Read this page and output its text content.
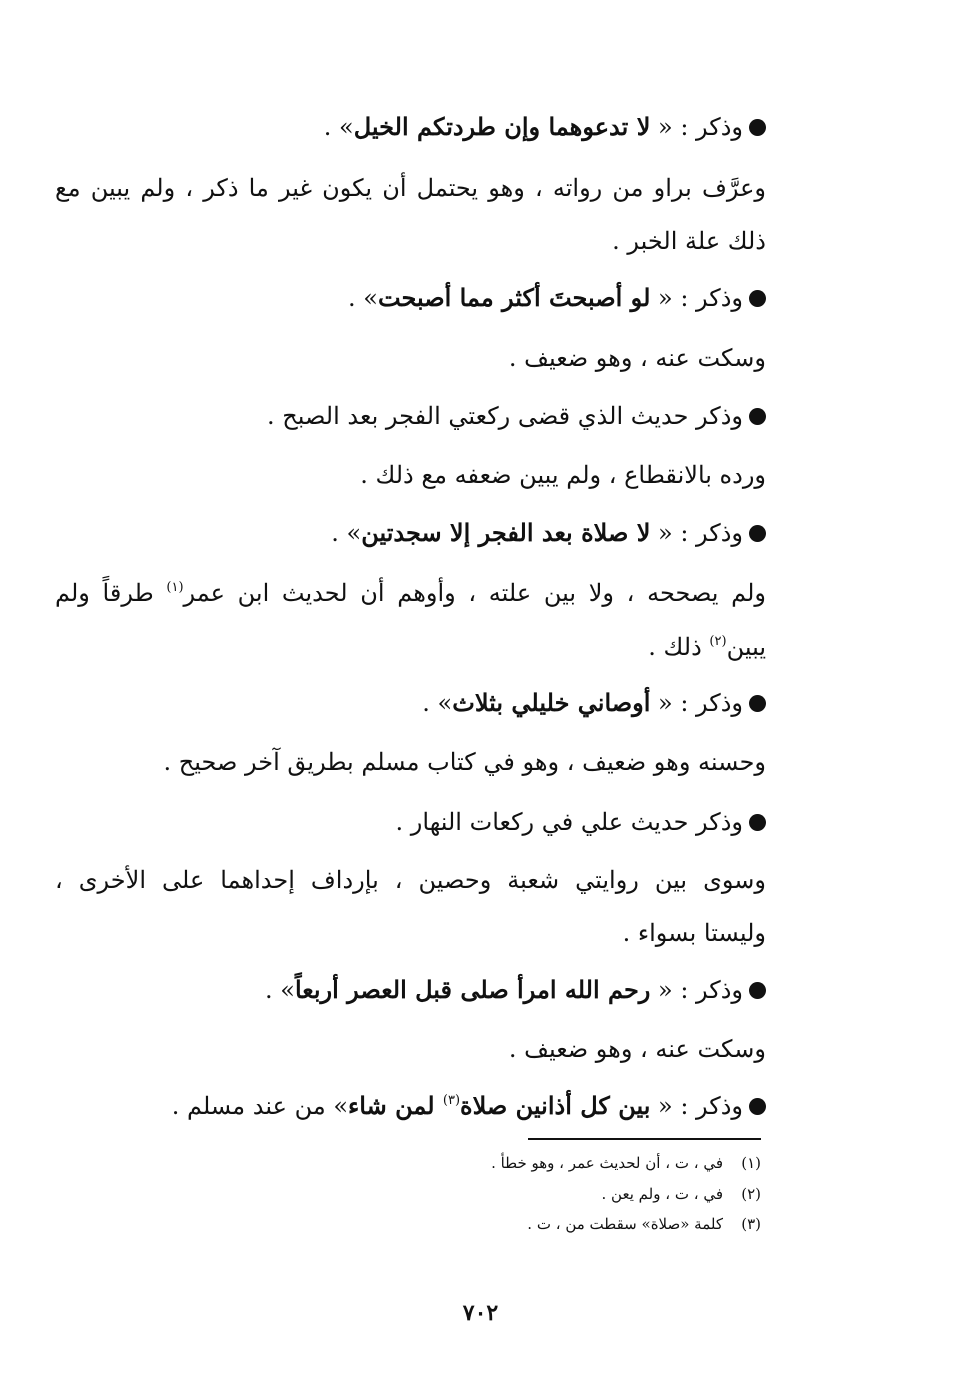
وذكر : « لا تدعوهما وإن طردتكم الخيل» .
وعرَّف براو من رواته ، وهو يحتمل أن يكون غير ما ذكر ، ولم يبين مع
ذلك علة الخبر .
وذكر : « لو أصبحتَ أكثر مما أصبحت» .
وسكت عنه ، وهو ضعيف .
وذكر حديث الذي قضى ركعتي الفجر بعد الصبح .
ورده بالانقطاع ، ولم يبين ضعفه مع ذلك .
وذكر : « لا صلاة بعد الفجر إلا سجدتين» .
ولم يصححه ، ولا بين علته ، وأوهم أن لحديث ابن عمر$^{(١)}$ طرقاً ولم
يبين$^{(٢)}$ ذلك .
وذكر : « أوصاني خليلي بثلاث» .
وحسنه وهو ضعيف ، وهو في كتاب مسلم بطريق آخر صحيح .
وذكر حديث علي في ركعات النهار .
وسوى بين روايتي شعبة وحصين ، بإرداف إحداهما على الأخرى ،
وليستا بسواء .
وذكر : « رحم الله امرأ صلى قبل العصر أربعاً» .
وسكت عنه ، وهو ضعيف .
وذكر : « بين كل أذانين صلاة$^{(٣)}$ لمن شاء» من عند مسلم .
(١)في ، ت ، أن لحديث عمر ، وهو خطأ .
(٢)في ، ت ، ولم يعن .
(٣)كلمة «صلاة» سقطت من ، ت .
٧٠٢
